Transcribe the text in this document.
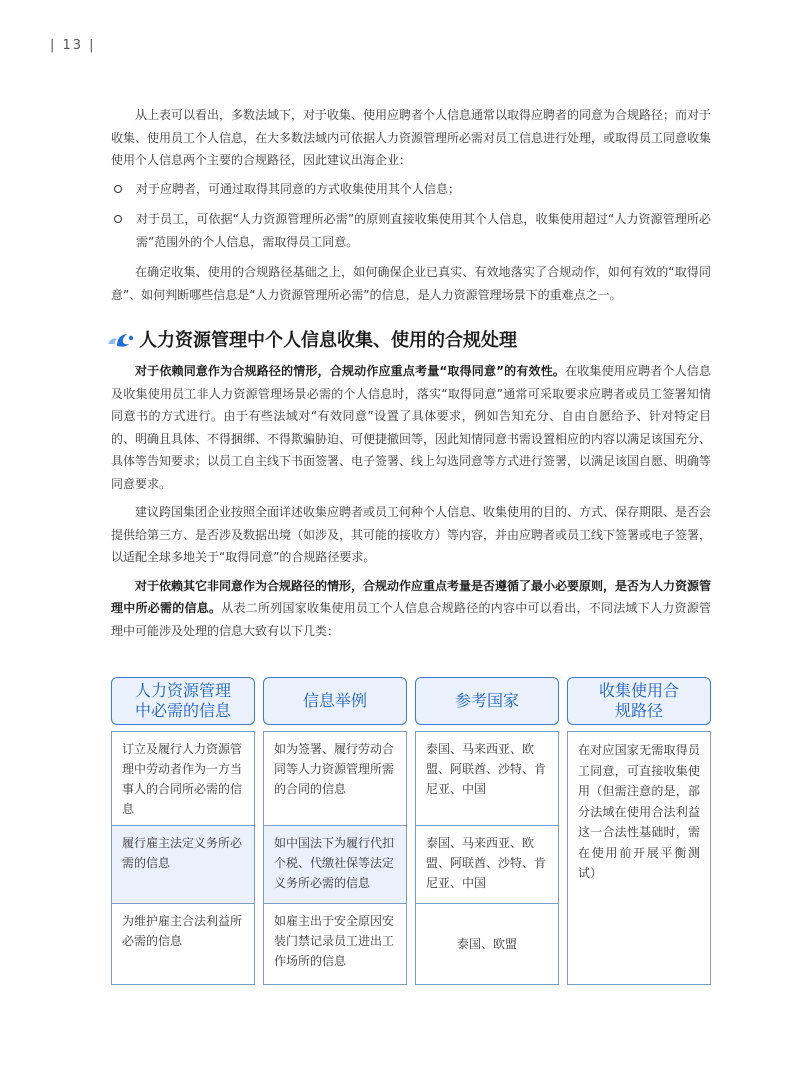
| 13 |

从上表可以看出，多数法域下，对于收集、使用应聘者个人信息通常以取得应聘者的同意为合规路径；而对于收集、使用员工个人信息，在大多数法域内可依据人力资源管理所必需对员工信息进行处理，或取得员工同意收集使用个人信息两个主要的合规路径，因此建议出海企业：

对于应聘者，可通过取得其同意的方式收集使用其个人信息；
对于员工，可依据“人力资源管理所必需”的原则直接收集使用其个人信息，收集使用超过“人力资源管理所必需”范围外的个人信息，需取得员工同意。

在确定收集、使用的合规路径基础之上，如何确保企业已真实、有效地落实了合规动作，如何有效的“取得同意”、如何判断哪些信息是“人力资源管理所必需”的信息，是人力资源管理场景下的重难点之一。

人力资源管理中个人信息收集、使用的合规处理

对于依赖同意作为合规路径的情形，合规动作应重点考量“取得同意”的有效性。在收集使用应聘者个人信息及收集使用员工非人力资源管理场景必需的个人信息时，落实“取得同意”通常可采取要求应聘者或员工签署知情同意书的方式进行。由于有些法域对“有效同意”设置了具体要求，例如告知充分、自由自愿给予、针对特定目的、明确且具体、不得捆绑、不得欺骗胁迫、可便捷撤回等，因此知情同意书需设置相应的内容以满足该国充分、具体等告知要求；以员工自主线下书面签署、电子签署、线上勾选同意等方式进行签署，以满足该国自愿、明确等同意要求。

建议跨国集团企业按照全面详述收集应聘者或员工何种个人信息、收集使用的目的、方式、保存期限、是否会提供给第三方、是否涉及数据出境（如涉及，其可能的接收方）等内容，并由应聘者或员工线下签署或电子签署，以适配全球多地关于“取得同意”的合规路径要求。

对于依赖其它非同意作为合规路径的情形，合规动作应重点考量是否遵循了最小必要原则，是否为人力资源管理中所必需的信息。从表二所列国家收集使用员工个人信息合规路径的内容中可以看出，不同法域下人力资源管理中可能涉及处理的信息大致有以下几类：

人力资源管理中必需的信息
信息举例	参考国家
收集使用合规路径
订立及履行人力资源管理中劳动者作为一方当事人的合同所必需的信息
履行雇主法定义务所必需的信息
为维护雇主合法利益所必需的信息
如为签署、履行劳动合同等人力资源管理所需的合同的信息
如中国法下为履行代扣个税、代缴社保等法定义务所必需的信息
如雇主出于安全原因安装门禁记录员工进出工作场所的信息
泰国、马来西亚、欧盟、阿联酋、沙特、肯尼亚、中国
泰国、马来西亚、欧盟、阿联酋、沙特、肯尼亚、中国
泰国、欧盟
在对应国家无需取得员工同意，可直接收集使用（但需注意的是，部分法域在使用合法利益这一合法性基础时，需在使用前开展平衡测试）
